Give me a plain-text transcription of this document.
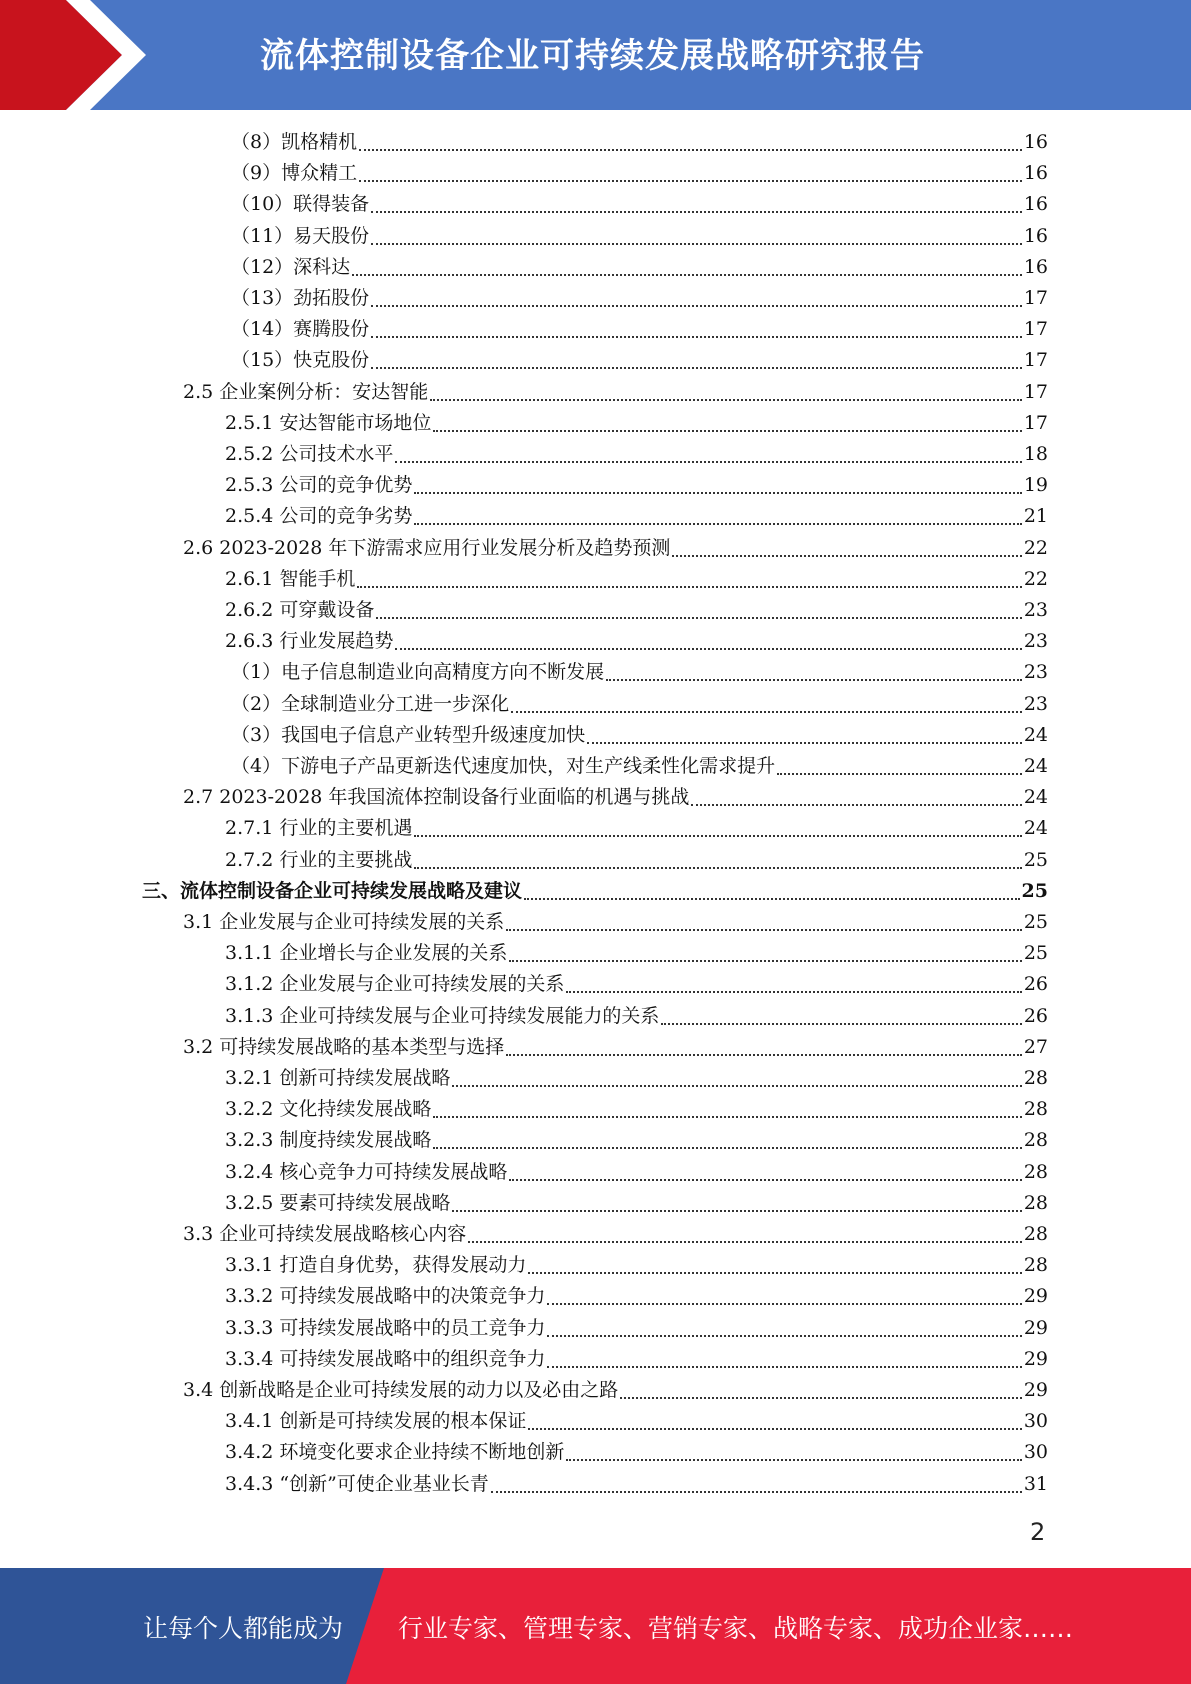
流体控制设备企业可持续发展战略研究报告
（8）凯格精机	16
（9）博众精工	16
（10）联得装备	16
（11）易天股份	16
（12）深科达	16
（13）劲拓股份	17
（14）赛腾股份	17
（15）快克股份	17
2.5 企业案例分析：安达智能	17
2.5.1 安达智能市场地位	17
2.5.2 公司技术水平	18
2.5.3 公司的竞争优势	19
2.5.4 公司的竞争劣势	21
2.6 2023-2028 年下游需求应用行业发展分析及趋势预测	22
2.6.1 智能手机	22
2.6.2 可穿戴设备	23
2.6.3 行业发展趋势	23
（1）电子信息制造业向高精度方向不断发展	23
（2）全球制造业分工进一步深化	23
（3）我国电子信息产业转型升级速度加快	24
（4）下游电子产品更新迭代速度加快，对生产线柔性化需求提升	24
2.7 2023-2028 年我国流体控制设备行业面临的机遇与挑战	24
2.7.1 行业的主要机遇	24
2.7.2 行业的主要挑战	25
三、流体控制设备企业可持续发展战略及建议	25
3.1 企业发展与企业可持续发展的关系	25
3.1.1 企业增长与企业发展的关系	25
3.1.2 企业发展与企业可持续发展的关系	26
3.1.3 企业可持续发展与企业可持续发展能力的关系	26
3.2 可持续发展战略的基本类型与选择	27
3.2.1 创新可持续发展战略	28
3.2.2 文化持续发展战略	28
3.2.3 制度持续发展战略	28
3.2.4 核心竞争力可持续发展战略	28
3.2.5 要素可持续发展战略	28
3.3 企业可持续发展战略核心内容	28
3.3.1 打造自身优势，获得发展动力	28
3.3.2 可持续发展战略中的决策竞争力	29
3.3.3 可持续发展战略中的员工竞争力	29
3.3.4 可持续发展战略中的组织竞争力	29
3.4 创新战略是企业可持续发展的动力以及必由之路	29
3.4.1 创新是可持续发展的根本保证	30
3.4.2 环境变化要求企业持续不断地创新	30
3.4.3 “创新”可使企业基业长青	31
2
让每个人都能成为 行业专家、管理专家、营销专家、战略专家、成功企业家……
